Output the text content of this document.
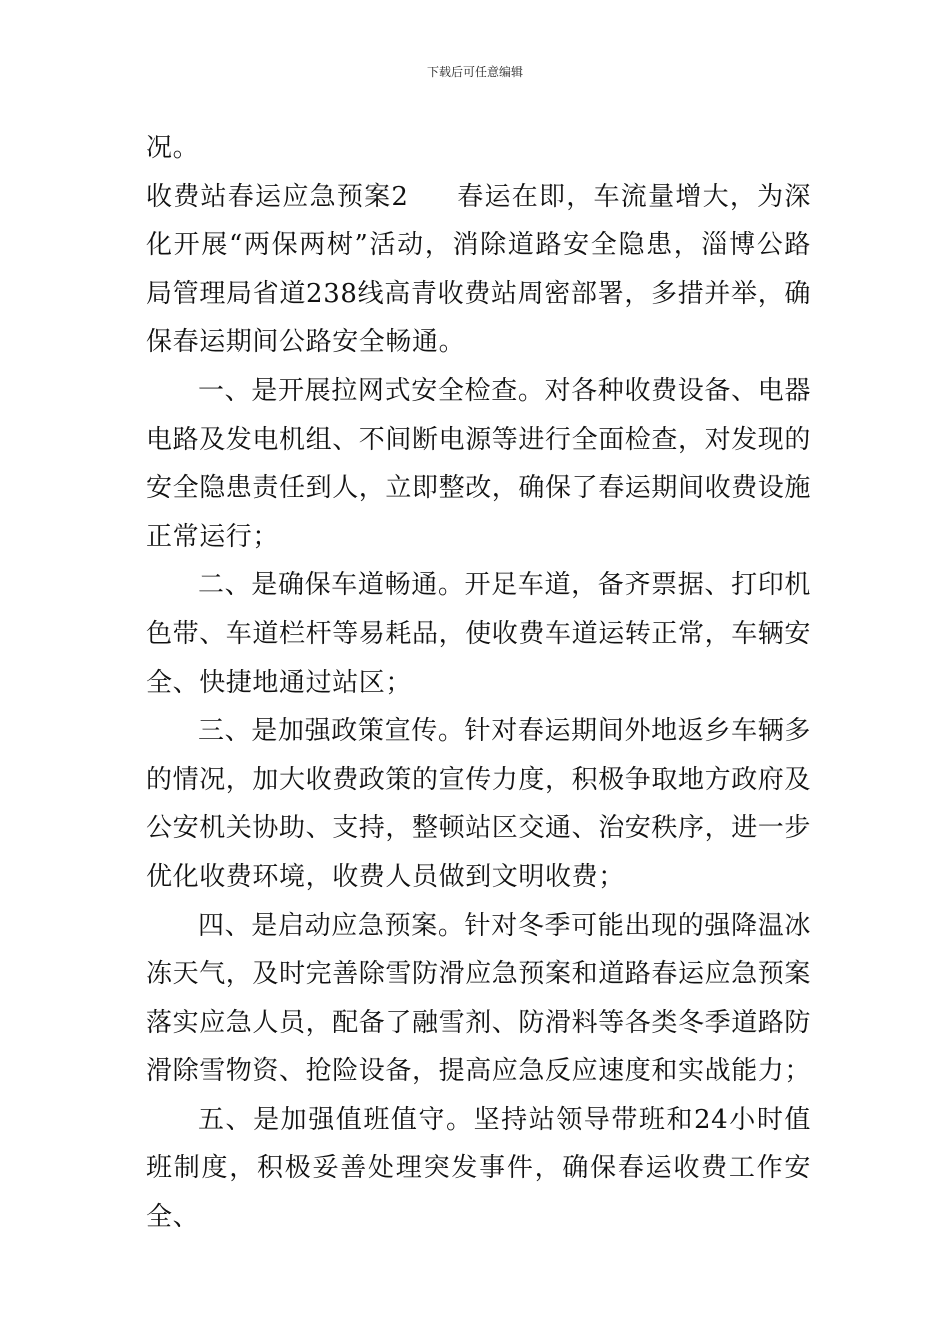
下载后可任意编辑

况。

收费站春运应急预案2 春运在即，车流量增大，为深化开展“两保两树”活动，消除道路安全隐患，淄博公路局管理局省道238线高青收费站周密部署，多措并举，确保春运期间公路安全畅通。

一、是开展拉网式安全检查。对各种收费设备、电器电路及发电机组、不间断电源等进行全面检查，对发现的安全隐患责任到人，立即整改，确保了春运期间收费设施正常运行；

二、是确保车道畅通。开足车道，备齐票据、打印机色带、车道栏杆等易耗品，使收费车道运转正常，车辆安全、快捷地通过站区；

三、是加强政策宣传。针对春运期间外地返乡车辆多的情况，加大收费政策的宣传力度，积极争取地方政府及公安机关协助、支持，整顿站区交通、治安秩序，进一步优化收费环境，收费人员做到文明收费；

四、是启动应急预案。针对冬季可能出现的强降温冰冻天气，及时完善除雪防滑应急预案和道路春运应急预案落实应急人员，配备了融雪剂、防滑料等各类冬季道路防滑除雪物资、抢险设备，提高应急反应速度和实战能力；

五、是加强值班值守。坚持站领导带班和24小时值班制度，积极妥善处理突发事件，确保春运收费工作安全、
